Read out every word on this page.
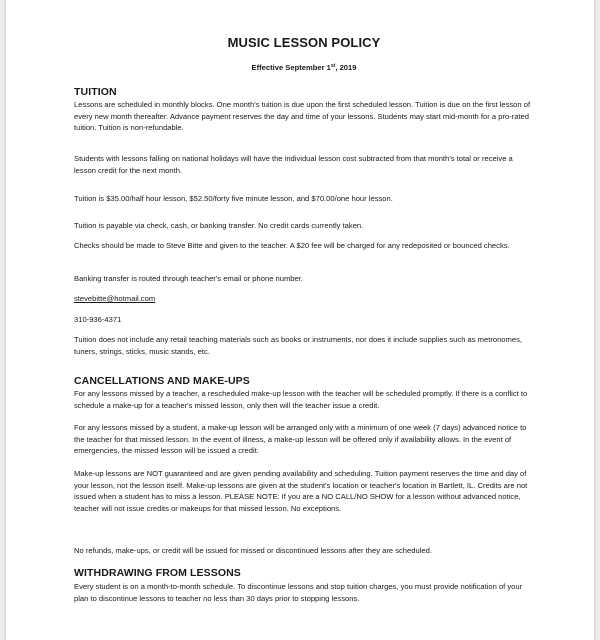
MUSIC LESSON POLICY
Effective September 1st, 2019
TUITION

Lessons are scheduled in monthly blocks. One month's tuition is due upon the first scheduled lesson. Tuition is due on the first lesson of every new month thereafter. Advance payment reserves the day and time of your lessons. Students may start mid-month for a pro-rated tuition. Tuition is non-refundable.

Students with lessons falling on national holidays will have the individual lesson cost subtracted from that month's total or receive a lesson credit for the next month.

Tuition is $35.00/half hour lesson, $52.50/forty five minute lesson, and $70.00/one hour lesson.

Tuition is payable via check, cash, or banking transfer. No credit cards currently taken.

Checks should be made to Steve Bitte and given to the teacher. A $20 fee will be charged for any redeposited or bounced checks.

Banking transfer is routed through teacher's email or phone number.

stevebitte@hotmail.com

310-936-4371

Tuition does not include any retail teaching materials such as books or instruments, nor does it include supplies such as metronomes, tuners, strings, sticks, music stands, etc.

CANCELLATIONS AND MAKE-UPS

For any lessons missed by a teacher, a rescheduled make-up lesson with the teacher will be scheduled promptly. If there is a conflict to schedule a make-up for a teacher's missed lesson, only then will the teacher issue a credit.

For any lessons missed by a student, a make-up lesson will be arranged only with a minimum of one week (7 days) advanced notice to the teacher for that missed lesson. In the event of illness, a make-up lesson will be offered only if availability allows. In the event of emergencies, the missed lesson will be issued a credit.

Make-up lessons are NOT guaranteed and are given pending availability and scheduling. Tuition payment reserves the time and day of your lesson, not the lesson itself. Make-up lessons are given at the student's location or teacher's location in Bartlett, IL. Credits are not issued when a student has to miss a lesson. PLEASE NOTE: If you are a NO CALL/NO SHOW for a lesson without advanced notice, teacher will not issue credits or makeups for that missed lesson. No exceptions.

No refunds, make-ups, or credit will be issued for missed or discontinued lessons after they are scheduled.

WITHDRAWING FROM LESSONS

Every student is on a month-to-month schedule. To discontinue lessons and stop tuition charges, you must provide notification of your plan to discontinue lessons to teacher no less than 30 days prior to stopping lessons.
